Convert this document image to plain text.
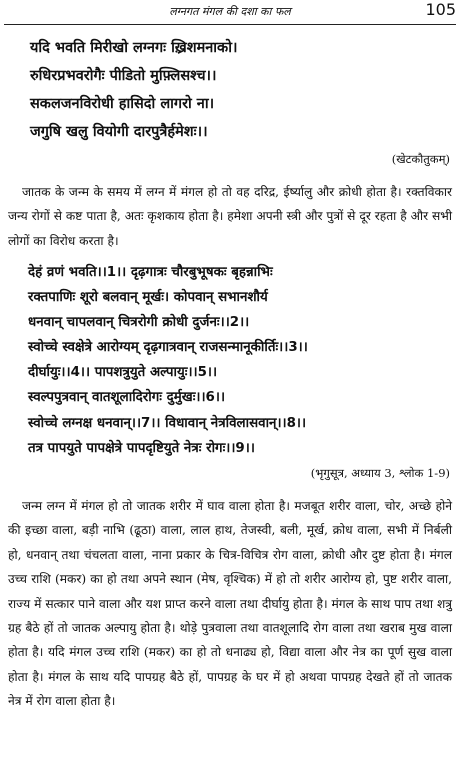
लग्नगत मंगल की दशा का फल	105
यदि भवति मिरीखो लग्नगः ख़्रिशमनाको।
रुधिरप्रभवरोगैः पीडितो मुफ़्लिसश्च।।
सकलजनविरोधी हासिदो लागरो ना।
जगुषि खलु वियोगी दारपुत्रैर्हमेशः।।
(खेटकौतुकम्)

जातक के जन्म के समय में लग्न में मंगल हो तो वह दरिद्र, ईर्ष्यालु और क्रोधी होता है। रक्तविकार जन्य रोगों से कष्ट पाता है, अतः कृशकाय होता है। हमेशा अपनी स्त्री और पुत्रों से दूर रहता है और सभी लोगों का विरोध करता है।

देहं व्रणं भवति।।1।। दृढ़गात्रः चौरबुभूषकः बृहन्नाभिः
रक्तपाणिः शूरो बलवान् मूर्खः। कोपवान् सभानशौर्य
धनवान् चापलवान् चित्ररोगी क्रोधी दुर्जनः।।2।।
स्वोच्चे स्वक्षेत्रे आरोग्यम् दृढ़गात्रवान् राजसन्मानूकीर्तिः।।3।।
दीर्घायुः।।4।। पापशत्रुयुते अल्पायुः।।5।।
स्वल्पपुत्रवान् वातशूलादिरोगः दुर्मुखः।।6।।
स्वोच्चे लग्नक्ष धनवान्।।7।। विधावान् नेत्रविलासवान्।।8।।
तत्र पापयुते पापक्षेत्रे पापदृष्टियुते नेत्रः रोगः।।9।।
(भृगुसूत्र, अध्याय 3, श्लोक 1-9)

जन्म लग्न में मंगल हो तो जातक शरीर में घाव वाला होता है। मजबूत शरीर वाला, चोर, अच्छे होने की इच्छा वाला, बड़ी नाभि (ढूठा) वाला, लाल हाथ, तेजस्वी, बली, मूर्ख, क्रोध वाला, सभी में निर्बली हो, धनवान् तथा चंचलता वाला, नाना प्रकार के चित्र-विचित्र रोग वाला, क्रोधी और दुष्ट होता है। मंगल उच्च राशि (मकर) का हो तथा अपने स्थान (मेष, वृश्चिक) में हो तो शरीर आरोग्य हो, पुष्ट शरीर वाला, राज्य में सत्कार पाने वाला और यश प्राप्त करने वाला तथा दीर्घायु होता है। मंगल के साथ पाप तथा शत्रु ग्रह बैठे हों तो जातक अल्पायु होता है। थोड़े पुत्रवाला तथा वातशूलादि रोग वाला तथा खराब मुख वाला होता है। यदि मंगल उच्च राशि (मकर) का हो तो धनाढ्य हो, विद्या वाला और नेत्र का पूर्ण सुख वाला होता है। मंगल के साथ यदि पापग्रह बैठे हों, पापग्रह के घर में हो अथवा पापग्रह देखते हों तो जातक नेत्र में रोग वाला होता है।
